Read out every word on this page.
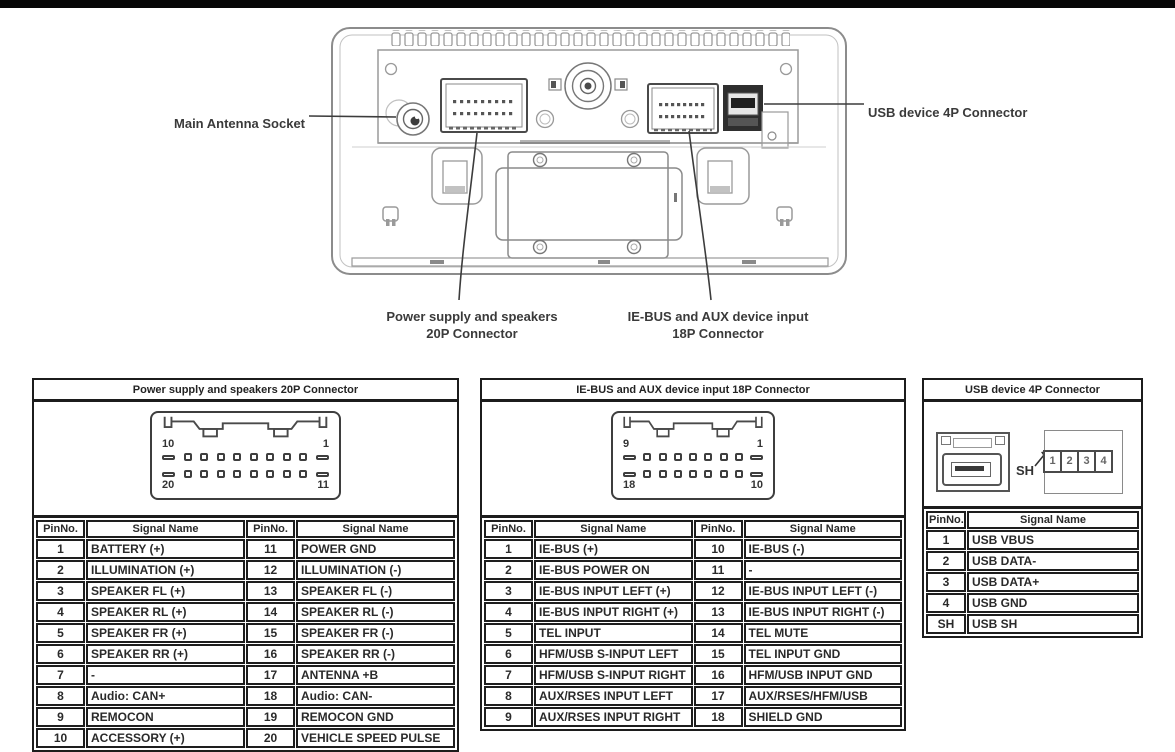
Main Antenna Socket
USB device 4P Connector
Power supply and speakers
20P Connector
IE-BUS and AUX device input
18P Connector
Power supply and speakers 20P Connector
10	1
20	11
PinNo.	Signal Name	PinNo.	Signal Name
1	BATTERY (+)	11	POWER GND
2	ILLUMINATION (+)	12	ILLUMINATION (-)
3	SPEAKER FL (+)	13	SPEAKER FL (-)
4	SPEAKER RL (+)	14	SPEAKER RL (-)
5	SPEAKER FR (+)	15	SPEAKER FR (-)
6	SPEAKER RR (+)	16	SPEAKER RR (-)
7	-	17	ANTENNA +B
8	Audio: CAN+	18	Audio: CAN-
9	REMOCON	19	REMOCON GND
10	ACCESSORY (+)	20	VEHICLE SPEED PULSE
IE-BUS and AUX device input 18P Connector
9	1
18	10
PinNo.	Signal Name	PinNo.	Signal Name
1	IE-BUS (+)	10	IE-BUS (-)
2	IE-BUS POWER ON	11	-
3	IE-BUS INPUT LEFT (+)	12	IE-BUS INPUT LEFT (-)
4	IE-BUS INPUT RIGHT (+)	13	IE-BUS INPUT RIGHT (-)
5	TEL INPUT	14	TEL MUTE
6	HFM/USB S-INPUT LEFT	15	TEL INPUT GND
7	HFM/USB S-INPUT RIGHT	16	HFM/USB INPUT GND
8	AUX/RSES INPUT LEFT	17	AUX/RSES/HFM/USB
9	AUX/RSES INPUT RIGHT	18	SHIELD GND
USB device 4P Connector
SH
1 2 3 4
PinNo.	Signal Name
1	USB VBUS
2	USB DATA-
3	USB DATA+
4	USB GND
SH	USB SH
